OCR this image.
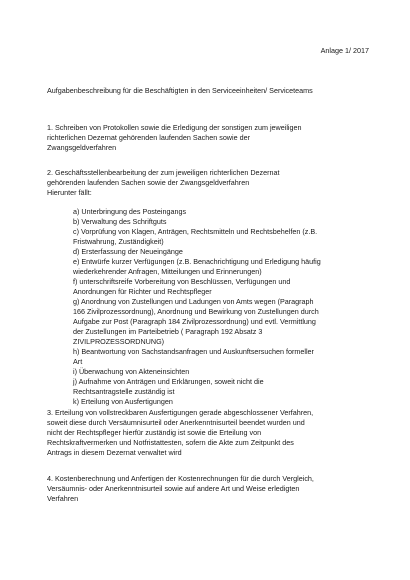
Anlage 1/ 2017
Aufgabenbeschreibung für die Beschäftigten in den Serviceeinheiten/ Serviceteams

1. Schreiben von Protokollen sowie die Erledigung der sonstigen zum jeweiligen

richterlichen Dezernat gehörenden laufenden Sachen sowie der

Zwangsgeldverfahren

2. Geschäftsstellenbearbeitung der zum jeweiligen richterlichen Dezernat

gehörenden laufenden Sachen sowie der Zwangsgeldverfahren

Hierunter fällt:

a) Unterbringung des Posteingangs

b) Verwaltung des Schriftguts

c) Vorprüfung von Klagen, Anträgen, Rechtsmitteln und Rechtsbehelfen (z.B.

Fristwahrung, Zuständigkeit)

d) Ersterfassung der Neueingänge

e) Entwürfe kurzer Verfügungen (z.B. Benachrichtigung und Erledigung häufig

wiederkehrender Anfragen, Mitteilungen und Erinnerungen)

f) unterschriftsreife Vorbereitung von Beschlüssen, Verfügungen und

Anordnungen für Richter und Rechtspfleger

g) Anordnung von Zustellungen und Ladungen von Amts wegen (Paragraph

166 Zivilprozessordnung), Anordnung und Bewirkung von Zustellungen durch

Aufgabe zur Post (Paragraph 184 Zivilprozessordnung) und evtl. Vermittlung

der Zustellungen im Parteibetrieb ( Paragraph 192 Absatz 3

ZIVILPROZESSORDNUNG)

h) Beantwortung von Sachstandsanfragen und Auskunftsersuchen formeller

Art

i) Überwachung von Akteneinsichten

j) Aufnahme von Anträgen und Erklärungen, soweit nicht die

Rechtsantragstelle zuständig ist

k) Erteilung von Ausfertigungen

3. Erteilung von vollstreckbaren Ausfertigungen gerade abgeschlossener Verfahren,

soweit diese durch Versäumnisurteil oder Anerkenntnisurteil beendet wurden und

nicht der Rechtspfleger hierfür zuständig ist sowie die Erteilung von

Rechtskraftvermerken und Notfristattesten, sofern die Akte zum Zeitpunkt des

Antrags in diesem Dezernat verwaltet wird

4. Kostenberechnung und Anfertigen der Kostenrechnungen für die durch Vergleich,

Versäumnis- oder Anerkenntnisurteil sowie auf andere Art und Weise erledigten

Verfahren
